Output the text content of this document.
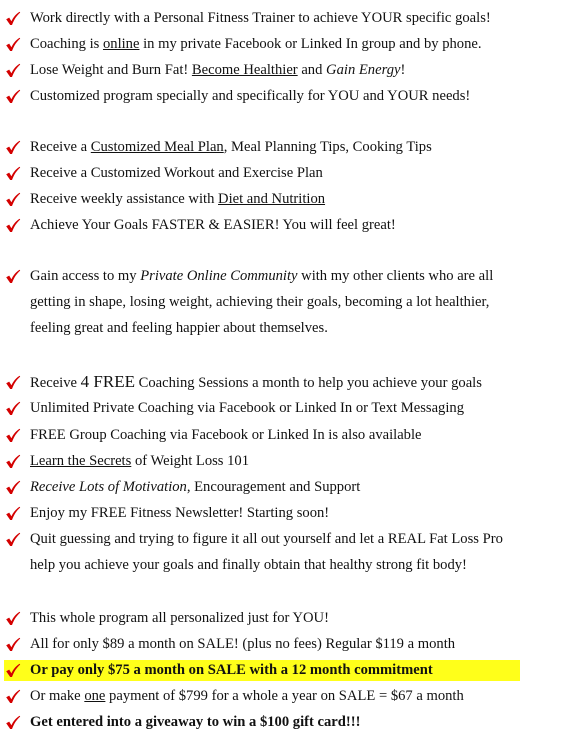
Work directly with a Personal Fitness Trainer to achieve YOUR specific goals!
Coaching is online in my private Facebook or Linked In group and by phone.
Lose Weight and Burn Fat! Become Healthier and Gain Energy!
Customized program specially and specifically for YOU and YOUR needs!
Receive a Customized Meal Plan, Meal Planning Tips, Cooking Tips
Receive a Customized Workout and Exercise Plan
Receive weekly assistance with Diet and Nutrition
Achieve Your Goals FASTER & EASIER! You will feel great!
Gain access to my Private Online Community with my other clients who are all
getting in shape, losing weight, achieving their goals, becoming a lot healthier,
feeling great and feeling happier about themselves.
Receive 4 FREE Coaching Sessions a month to help you achieve your goals
Unlimited Private Coaching via Facebook or Linked In or Text Messaging
FREE Group Coaching via Facebook or Linked In is also available
Learn the Secrets of Weight Loss 101
Receive Lots of Motivation, Encouragement and Support
Enjoy my FREE Fitness Newsletter! Starting soon!
Quit guessing and trying to figure it all out yourself and let a REAL Fat Loss Pro
help you achieve your goals and finally obtain that healthy strong fit body!
This whole program all personalized just for YOU!
All for only $89 a month on SALE! (plus no fees) Regular $119 a month
Or pay only $75 a month on SALE with a 12 month commitment
Or make one payment of $799 for a whole a year on SALE = $67 a month
Get entered into a giveaway to win a $100 gift card!!!
